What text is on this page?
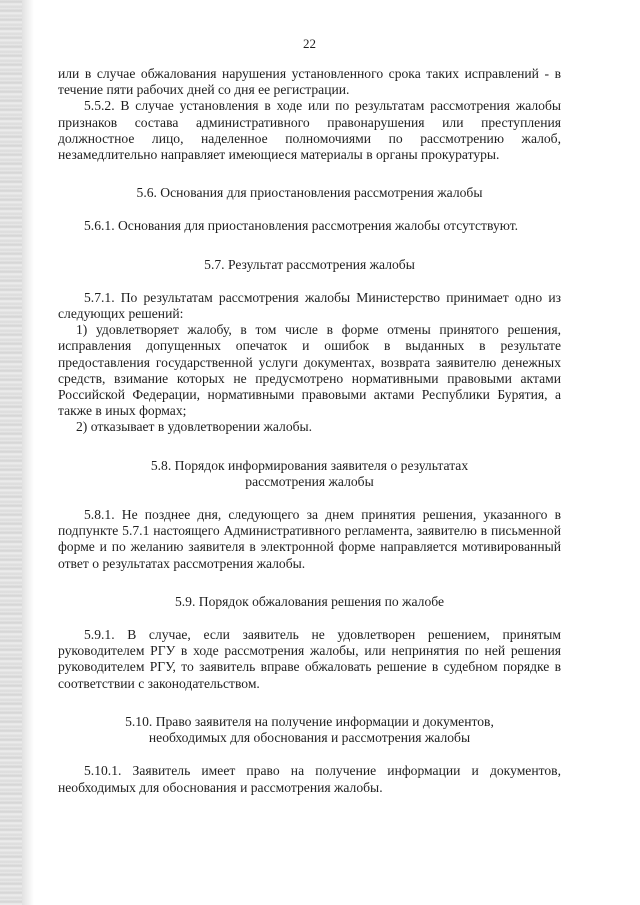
22

или в случае обжалования нарушения установленного срока таких исправлений - в течение пяти рабочих дней со дня ее регистрации.

5.5.2. В случае установления в ходе или по результатам рассмотрения жалобы признаков состава административного правонарушения или преступления должностное лицо, наделенное полномочиями по рассмотрению жалоб, незамедлительно направляет имеющиеся материалы в органы прокуратуры.

5.6. Основания для приостановления рассмотрения жалобы

5.6.1. Основания для приостановления рассмотрения жалобы отсутствуют.

5.7. Результат рассмотрения жалобы

5.7.1. По результатам рассмотрения жалобы Министерство принимает одно из следующих решений:

1) удовлетворяет жалобу, в том числе в форме отмены принятого решения, исправления допущенных опечаток и ошибок в выданных в результате предоставления государственной услуги документах, возврата заявителю денежных средств, взимание которых не предусмотрено нормативными правовыми актами Российской Федерации, нормативными правовыми актами Республики Бурятия, а также в иных формах;

2) отказывает в удовлетворении жалобы.

5.8. Порядок информирования заявителя о результатах
рассмотрения жалобы

5.8.1. Не позднее дня, следующего за днем принятия решения, указанного в подпункте 5.7.1 настоящего Административного регламента, заявителю в письменной форме и по желанию заявителя в электронной форме направляется мотивированный ответ о результатах рассмотрения жалобы.

5.9. Порядок обжалования решения по жалобе

5.9.1. В случае, если заявитель не удовлетворен решением, принятым руководителем РГУ в ходе рассмотрения жалобы, или непринятия по ней решения руководителем РГУ, то заявитель вправе обжаловать решение в судебном порядке в соответствии с законодательством.

5.10. Право заявителя на получение информации и документов,
необходимых для обоснования и рассмотрения жалобы

5.10.1. Заявитель имеет право на получение информации и документов, необходимых для обоснования и рассмотрения жалобы.
